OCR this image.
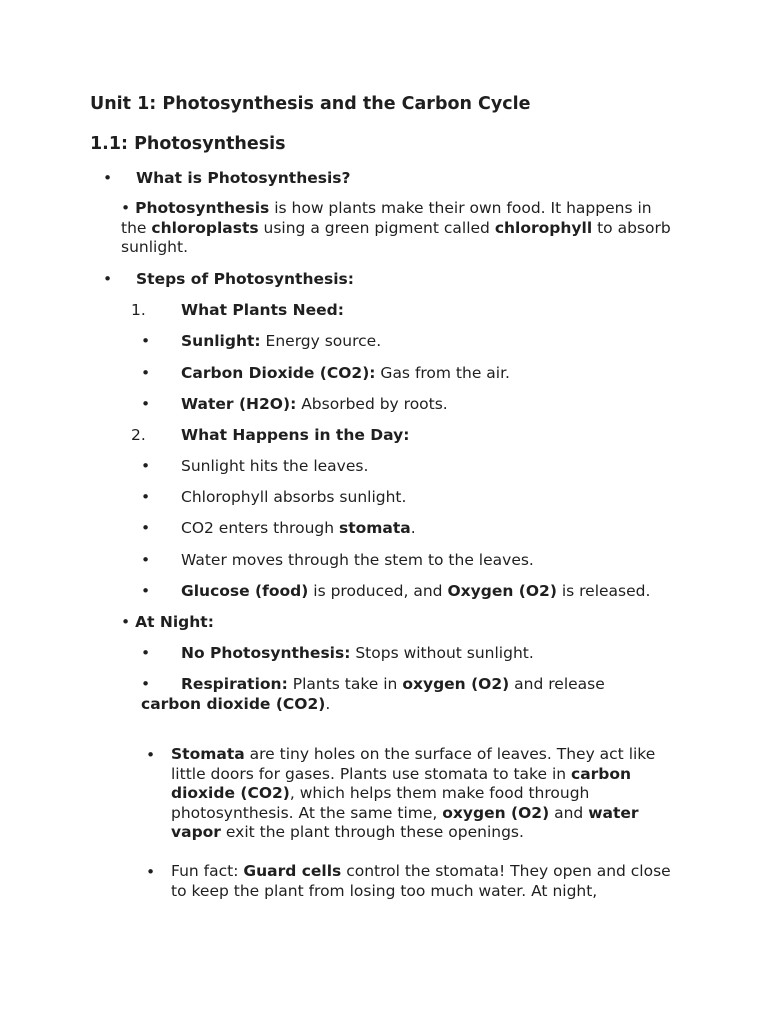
Unit 1: Photosynthesis and the Carbon Cycle
1.1: Photosynthesis
• What is Photosynthesis?
• Photosynthesis is how plants make their own food. It happens in the chloroplasts using a green pigment called chlorophyll to absorb sunlight.
• Steps of Photosynthesis:
1. What Plants Need:
• Sunlight: Energy source.
• Carbon Dioxide (CO2): Gas from the air.
• Water (H2O): Absorbed by roots.
2. What Happens in the Day:
• Sunlight hits the leaves.
• Chlorophyll absorbs sunlight.
• CO2 enters through stomata.
• Water moves through the stem to the leaves.
• Glucose (food) is produced, and Oxygen (O2) is released.
• At Night:
• No Photosynthesis: Stops without sunlight.
• Respiration: Plants take in oxygen (O2) and release
carbon dioxide (CO2).
• Stomata are tiny holes on the surface of leaves. They act like little doors for gases. Plants use stomata to take in carbon dioxide (CO2), which helps them make food through photosynthesis. At the same time, oxygen (O2) and water vapor exit the plant through these openings.
• Fun fact: Guard cells control the stomata! They open and close to keep the plant from losing too much water. At night,
